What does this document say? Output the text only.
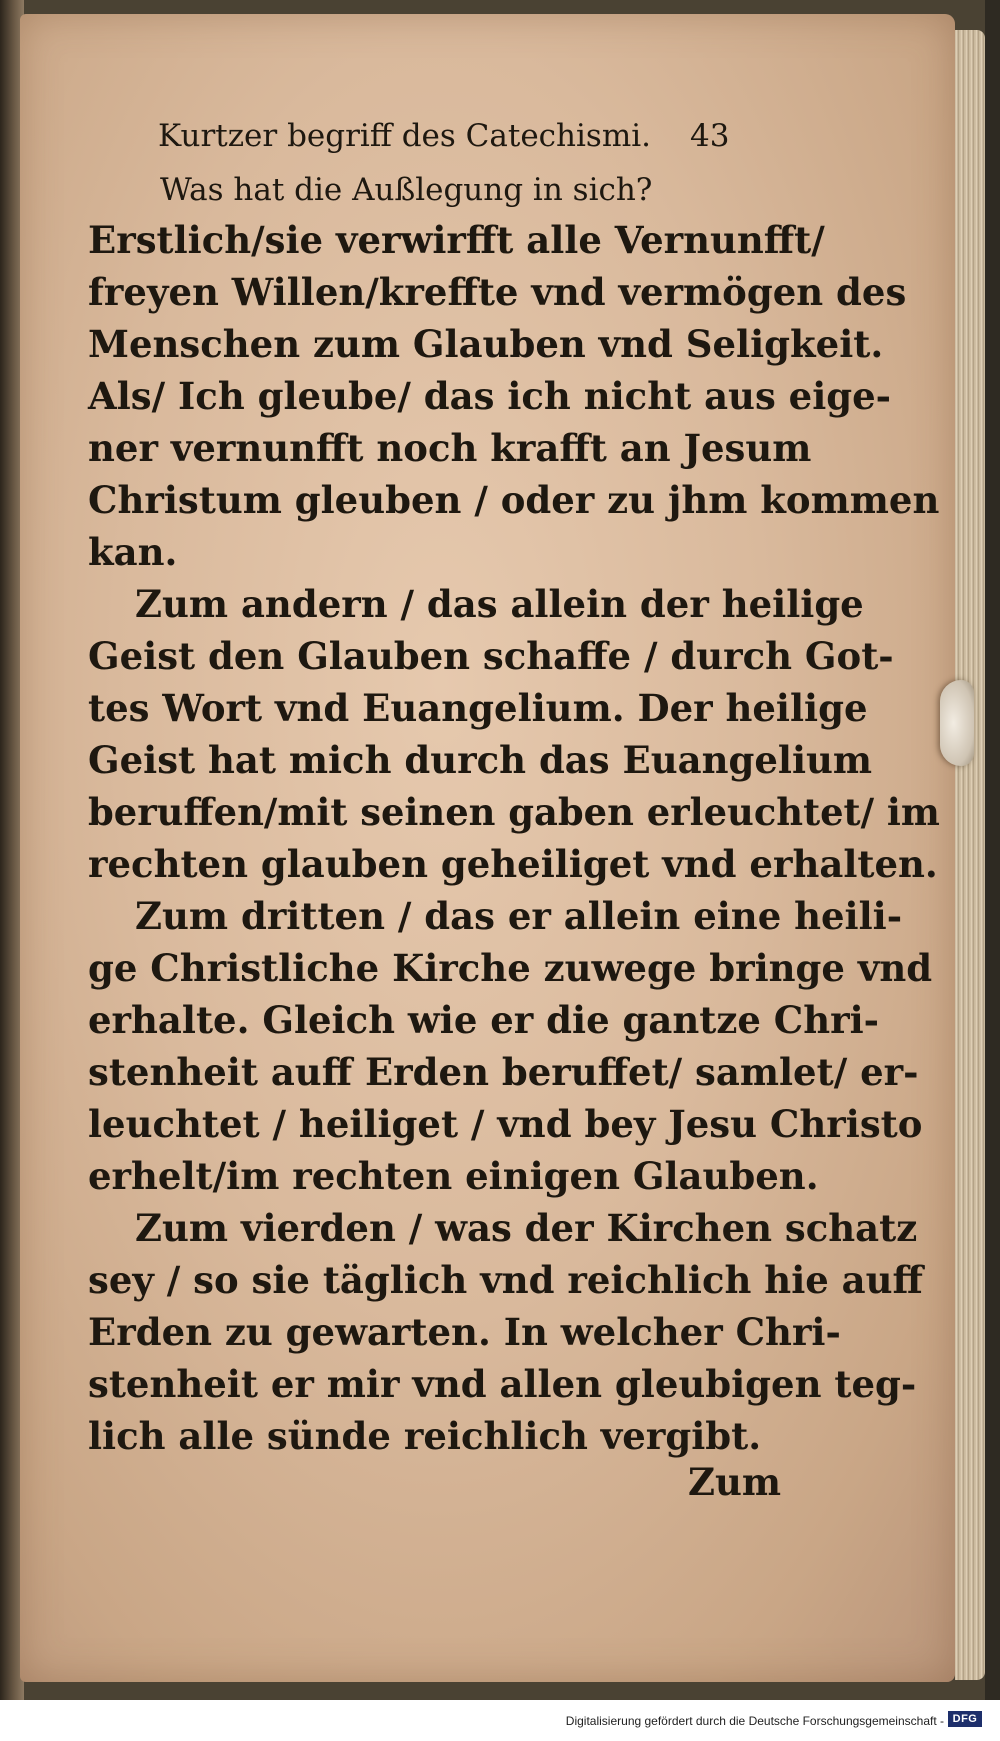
Kurtzer begriff des Catechismi. 43
Was hat die Außlegung in sich?
Erstlich/sie verwirfft alle Vernunfft/
freyen Willen/kreffte vnd vermögen des
Menschen zum Glauben vnd Seligkeit.
Als/ Ich gleube/ das ich nicht aus eige-
ner vernunfft noch krafft an Jesum
Christum gleuben / oder zu jhm kommen
kan.
Zum andern / das allein der heilige
Geist den Glauben schaffe / durch Got-
tes Wort vnd Euangelium. Der heilige
Geist hat mich durch das Euangelium
beruffen/mit seinen gaben erleuchtet/ im
rechten glauben geheiliget vnd erhalten.
Zum dritten / das er allein eine heili-
ge Christliche Kirche zuwege bringe vnd
erhalte. Gleich wie er die gantze Chri-
stenheit auff Erden beruffet/ samlet/ er-
leuchtet / heiliget / vnd bey Jesu Christo
erhelt/im rechten einigen Glauben.
Zum vierden / was der Kirchen schatz
sey / so sie täglich vnd reichlich hie auff
Erden zu gewarten. In welcher Chri-
stenheit er mir vnd allen gleubigen teg-
lich alle sünde reichlich vergibt.
Zum
Digitalisierung gefördert durch die Deutsche Forschungsgemeinschaft - DFG
